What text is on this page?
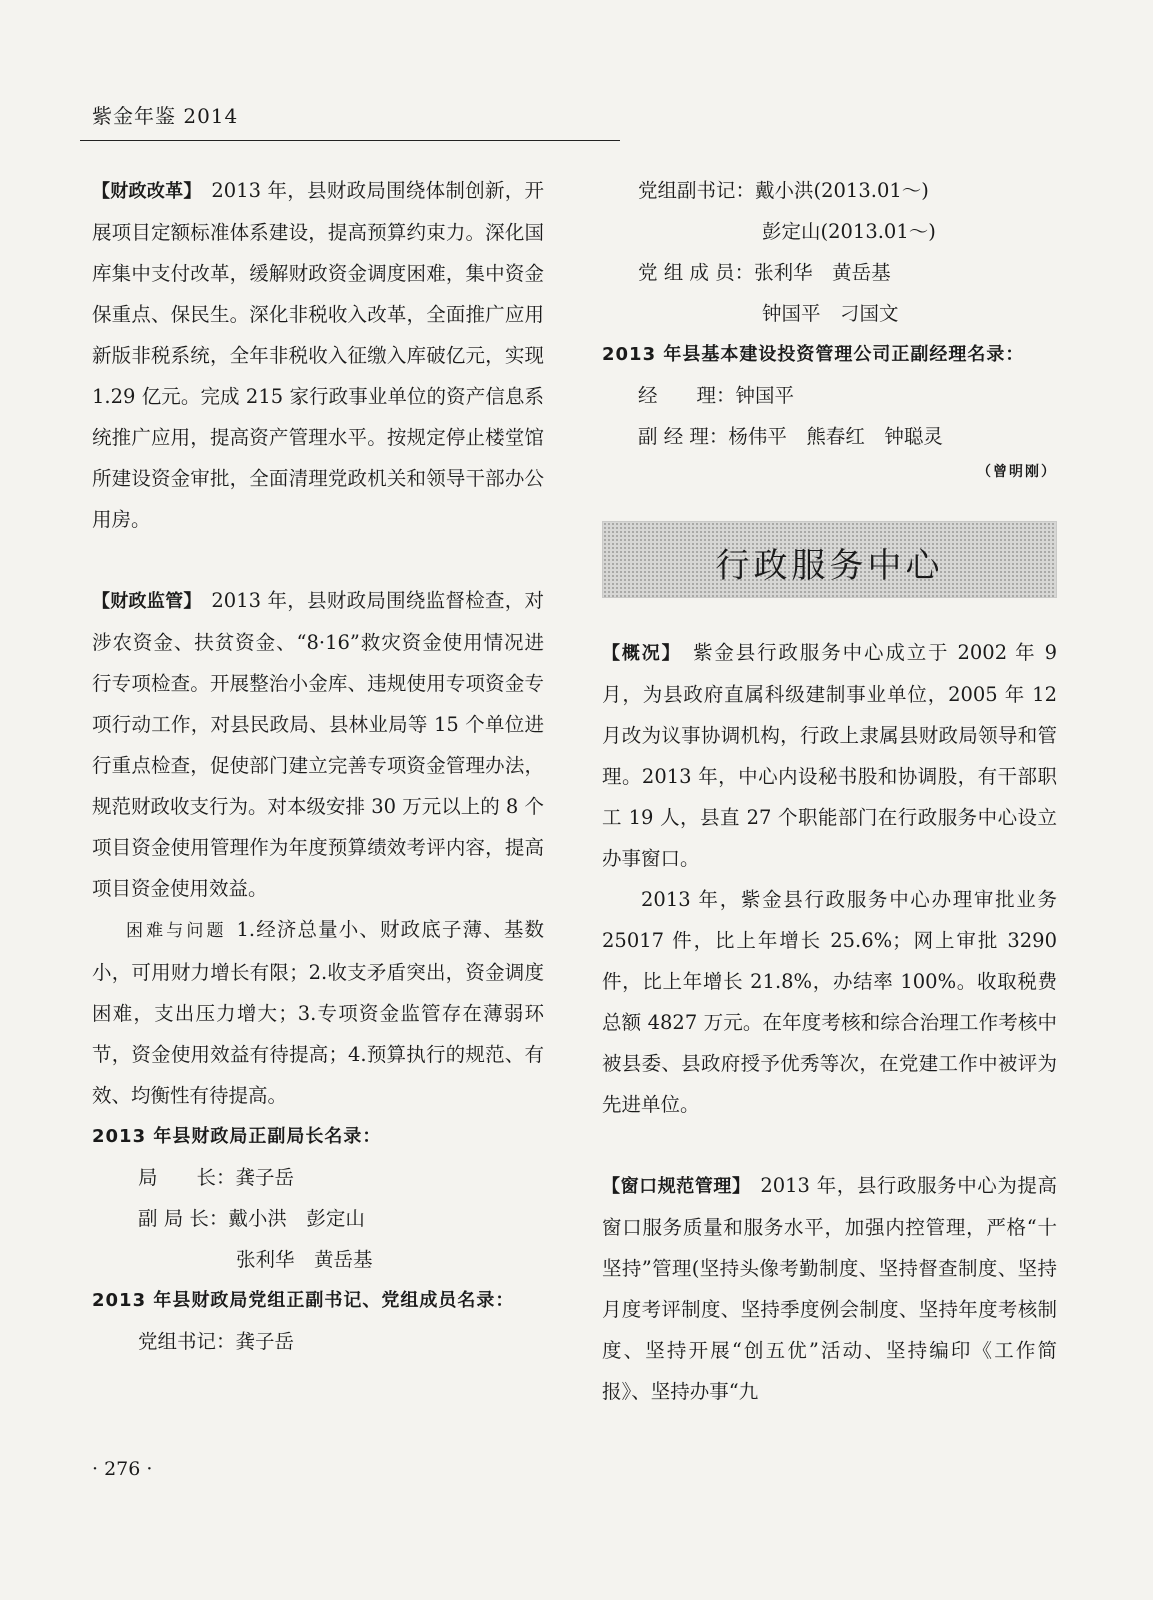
紫金年鉴 2014

【财政改革】  2013 年，县财政局围绕体制创新，开展项目定额标准体系建设，提高预算约束力。深化国库集中支付改革，缓解财政资金调度困难，集中资金保重点、保民生。深化非税收入改革，全面推广应用新版非税系统，全年非税收入征缴入库破亿元，实现 1.29 亿元。完成 215 家行政事业单位的资产信息系统推广应用，提高资产管理水平。按规定停止楼堂馆所建设资金审批，全面清理党政机关和领导干部办公用房。

【财政监管】  2013 年，县财政局围绕监督检查，对涉农资金、扶贫资金、“8·16”救灾资金使用情况进行专项检查。开展整治小金库、违规使用专项资金专项行动工作，对县民政局、县林业局等 15 个单位进行重点检查，促使部门建立完善专项资金管理办法，规范财政收支行为。对本级安排 30 万元以上的 8 个项目资金使用管理作为年度预算绩效考评内容，提高项目资金使用效益。

困难与问题  1.经济总量小、财政底子薄、基数小，可用财力增长有限；2.收支矛盾突出，资金调度困难，支出压力增大；3.专项资金监管存在薄弱环节，资金使用效益有待提高；4.预算执行的规范、有效、均衡性有待提高。

2013 年县财政局正副局长名录：

局　　长：龚子岳
副 局 长：戴小洪　彭定山
张利华　黄岳基

2013 年县财政局党组正副书记、党组成员名录：

党组书记：龚子岳
· 276 ·
党组副书记：戴小洪(2013.01～)
彭定山(2013.01～)
党 组 成 员：张利华　黄岳基
钟国平　刁国文

2013 年县基本建设投资管理公司正副经理名录：

经　　理：钟国平
副 经 理：杨伟平　熊春红　钟聪灵
（曾明刚）
行政服务中心

【概况】  紫金县行政服务中心成立于 2002 年 9 月，为县政府直属科级建制事业单位，2005 年 12 月改为议事协调机构，行政上隶属县财政局领导和管理。2013 年，中心内设秘书股和协调股，有干部职工 19 人，县直 27 个职能部门在行政服务中心设立办事窗口。

2013 年，紫金县行政服务中心办理审批业务 25017 件，比上年增长 25.6%；网上审批 3290 件，比上年增长 21.8%，办结率 100%。收取税费总额 4827 万元。在年度考核和综合治理工作考核中被县委、县政府授予优秀等次，在党建工作中被评为先进单位。

【窗口规范管理】  2013 年，县行政服务中心为提高窗口服务质量和服务水平，加强内控管理，严格“十坚持”管理(坚持头像考勤制度、坚持督查制度、坚持月度考评制度、坚持季度例会制度、坚持年度考核制度、坚持开展“创五优”活动、坚持编印《工作简报》、坚持办事“九
